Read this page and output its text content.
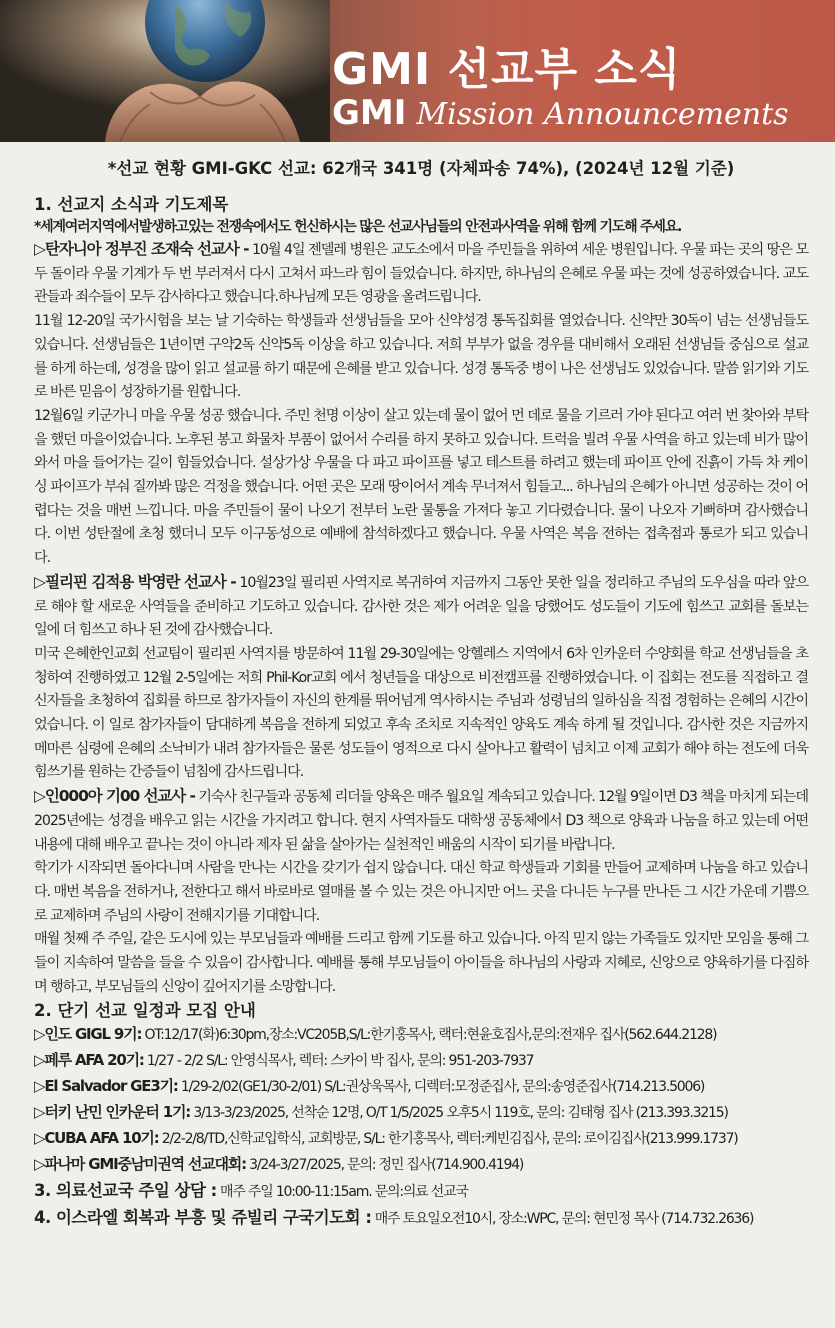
GMI 선교부 소식
GMI Mission Announcements
*선교 현황 GMI-GKC 선교: 62개국 341명 (자체파송 74%), (2024년 12월 기준)
1. 선교지 소식과 기도제목
*세계여러지역에서발생하고있는 전쟁속에서도 헌신하시는 많은 선교사님들의 안전과사역을 위해 함께 기도해 주세요.
▷탄자니아 정부진 조재숙 선교사 - 10월 4일 젠델레 병원은 교도소에서 마을 주민들을 위하여 세운 병원입니다. 우물 파는 곳의 땅은 모두 돌이라 우물 기계가 두 번 부러져서 다시 고쳐서 파느라 힘이 들었습니다. 하지만, 하나님의 은혜로 우물 파는 것에 성공하였습니다. 교도관들과 죄수들이 모두 감사하다고 했습니다.하나님께 모든 영광을 올려드립니다.
11월 12-20일 국가시험을 보는 날 기숙하는 학생들과 선생님들을 모아 신약성경 통독집회를 열었습니다. 신약만 30독이 넘는 선생님들도 있습니다. 선생님들은 1년이면 구약2독 신약5독 이상을 하고 있습니다. 저희 부부가 없을 경우를 대비해서 오래된 선생님들 중심으로 설교를 하게 하는데, 성경을 많이 읽고 설교를 하기 때문에 은혜를 받고 있습니다. 성경 통독중 병이 나은 선생님도 있었습니다. 말씀 읽기와 기도로 바른 믿음이 성장하기를 원합니다.
12월6일 키군가니 마을 우물 성공 했습니다. 주민 천명 이상이 살고 있는데 물이 없어 먼 데로 물을 기르러 가야 된다고 여러 번 찾아와 부탁을 했던 마을이었습니다. 노후된 봉고 화물차 부품이 없어서 수리를 하지 못하고 있습니다. 트럭을 빌려 우물 사역을 하고 있는데 비가 많이 와서 마을 들어가는 길이 힘들었습니다. 설상가상 우물을 다 파고 파이프를 넣고 테스트를 하려고 했는데 파이프 안에 진흙이 가득 차 케이싱 파이프가 부숴 질까봐 많은 걱정을 했습니다. 어떤 곳은 모래 땅이어서 계속 무너져서 힘들고... 하나님의 은혜가 아니면 성공하는 것이 어렵다는 것을 매번 느낍니다. 마을 주민들이 물이 나오기 전부터 노란 물통을 가져다 놓고 기다렸습니다. 물이 나오자 기뻐하며 감사했습니다. 이번 성탄절에 초청 했더니 모두 이구동성으로 예배에 참석하겠다고 했습니다. 우물 사역은 복음 전하는 접촉점과 통로가 되고 있습니다.
▷필리핀 김적용 박영란 선교사 - 10월23일 필리핀 사역지로 복귀하여 지금까지 그동안 못한 일을 정리하고 주님의 도우심을 따라 앞으로 해야 할 새로운 사역들을 준비하고 기도하고 있습니다. 감사한 것은 제가 어려운 일을 당했어도 성도들이 기도에 힘쓰고 교회를 돌보는 일에 더 힘쓰고 하나 된 것에 감사했습니다.
미국 은혜한인교회 선교팀이 필리핀 사역지를 방문하여 11월 29-30일에는 앙헬레스 지역에서 6차 인카운터 수양회를 학교 선생님들을 초청하여 진행하였고 12월 2-5일에는 저희 Phil-Kor교회 에서 청년들을 대상으로 비전캠프를 진행하였습니다. 이 집회는 전도를 직접하고 결신자들을 초청하여 집회를 하므로 참가자들이 자신의 한계를 뛰어넘게 역사하시는 주님과 성령님의 일하심을 직접 경험하는 은혜의 시간이었습니다. 이 일로 참가자들이 담대하게 복음을 전하게 되었고 후속 조치로 지속적인 양육도 계속 하게 될 것입니다. 감사한 것은 지금까지 메마른 심령에 은혜의 소낙비가 내려 참가자들은 물론 성도들이 영적으로 다시 살아나고 활력이 넘치고 이제 교회가 해야 하는 전도에 더욱 힘쓰기를 원하는 간증들이 넘침에 감사드립니다.
▷인000아 기00 선교사 - 기숙사 친구들과 공동체 리더들 양육은 매주 월요일 계속되고 있습니다. 12월 9일이면 D3 책을 마치게 되는데 2025년에는 성경을 배우고 읽는 시간을 가지려고 합니다. 현지 사역자들도 대학생 공동체에서 D3 책으로 양육과 나눔을 하고 있는데 어떤 내용에 대해 배우고 끝나는 것이 아니라 제자 된 삶을 살아가는 실천적인 배움의 시작이 되기를 바랍니다.
학기가 시작되면 돌아다니며 사람을 만나는 시간을 갖기가 쉽지 않습니다. 대신 학교 학생들과 기회를 만들어 교제하며 나눔을 하고 있습니다. 매번 복음을 전하거나, 전한다고 해서 바로바로 열매를 볼 수 있는 것은 아니지만 어느 곳을 다니든 누구를 만나든 그 시간 가운데 기쁨으로 교제하며 주님의 사랑이 전해지기를 기대합니다.
매월 첫째 주 주일, 같은 도시에 있는 부모님들과 예배를 드리고 함께 기도를 하고 있습니다. 아직 믿지 않는 가족들도 있지만 모임을 통해 그들이 지속하여 말씀을 들을 수 있음이 감사합니다. 예배를 통해 부모님들이 아이들을 하나님의 사랑과 지혜로, 신앙으로 양육하기를 다짐하며 행하고, 부모님들의 신앙이 깊어지기를 소망합니다.
2. 단기 선교 일정과 모집 안내
▷인도 GIGL 9기: OT:12/17(화)6:30pm,장소:VC205B,S/L:한기홍목사, 랙터:현윤호집사,문의:전재우 집사(562.644.2128)
▷페루 AFA 20기: 1/27 - 2/2 S/L: 안영식목사, 렉터: 스카이 박 집사, 문의: 951-203-7937
▷El Salvador GE3기: 1/29-2/02(GE1/30-2/01) S/L:권상욱목사, 디렉터:모정준집사, 문의:송영준집사(714.213.5006)
▷터키 난민 인카운터 1기: 3/13-3/23/2025, 선착순 12명, O/T 1/5/2025 오후5시 119호, 문의: 김태형 집사 (213.393.3215)
▷CUBA AFA 10기: 2/2-2/8/TD,신학교입학식, 교회방문, S/L: 한기홍목사, 렉터:케빈김집사, 문의: 로이김집사(213.999.1737)
▷파나마 GMI중남미권역 선교대회: 3/24-3/27/2025, 문의: 정민 집사(714.900.4194)
3. 의료선교국 주일 상담 : 매주 주일 10:00-11:15am. 문의:의료 선교국
4. 이스라엘 회복과 부흥 및 쥬빌리 구국기도회 : 매주 토요일오전10시, 장소:WPC, 문의: 현민정 목사 (714.732.2636)
